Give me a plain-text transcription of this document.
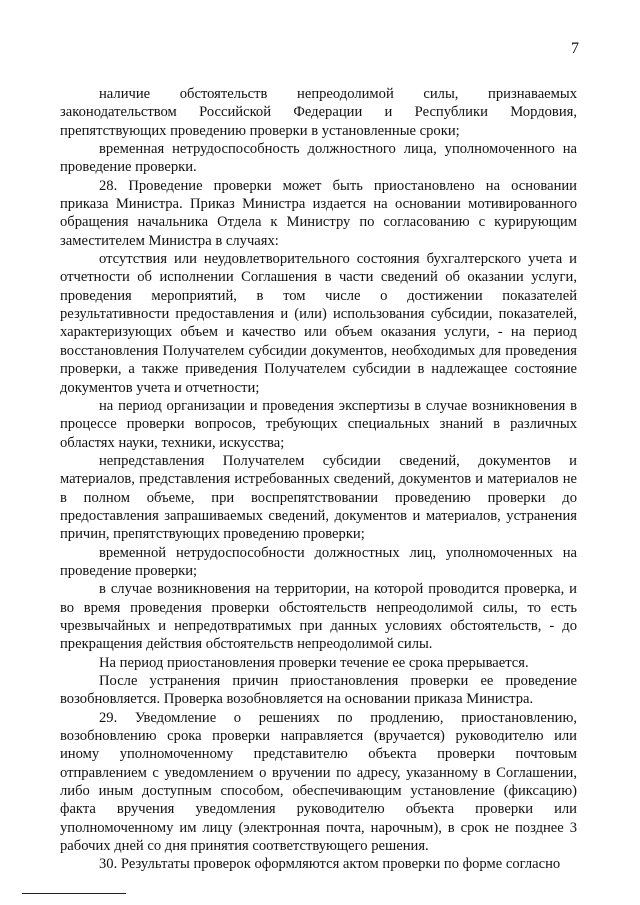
7

наличие обстоятельств непреодолимой силы, признаваемых законодательством Российской Федерации и Республики Мордовия, препятствующих проведению проверки в установленные сроки;

временная нетрудоспособность должностного лица, уполномоченного на проведение проверки.

28. Проведение проверки может быть приостановлено на основании приказа Министра. Приказ Министра издается на основании мотивированного обращения начальника Отдела к Министру по согласованию с курирующим заместителем Министра в случаях:

отсутствия или неудовлетворительного состояния бухгалтерского учета и отчетности об исполнении Соглашения в части сведений об оказании услуги, проведения мероприятий, в том числе о достижении показателей результативности предоставления и (или) использования субсидии, показателей, характеризующих объем и качество или объем оказания услуги, - на период восстановления Получателем субсидии документов, необходимых для проведения проверки, а также приведения Получателем субсидии в надлежащее состояние документов учета и отчетности;

на период организации и проведения экспертизы в случае возникновения в процессе проверки вопросов, требующих специальных знаний в различных областях науки, техники, искусства;

непредставления Получателем субсидии сведений, документов и материалов, представления истребованных сведений, документов и материалов не в полном объеме, при воспрепятствовании проведению проверки до предоставления запрашиваемых сведений, документов и материалов, устранения причин, препятствующих проведению проверки;

временной нетрудоспособности должностных лиц, уполномоченных на проведение проверки;

в случае возникновения на территории, на которой проводится проверка, и во время проведения проверки обстоятельств непреодолимой силы, то есть чрезвычайных и непредотвратимых при данных условиях обстоятельств, - до прекращения действия обстоятельств непреодолимой силы.

На период приостановления проверки течение ее срока прерывается.

После устранения причин приостановления проверки ее проведение возобновляется. Проверка возобновляется на основании приказа Министра.

29. Уведомление о решениях по продлению, приостановлению, возобновлению срока проверки направляется (вручается) руководителю или иному уполномоченному представителю объекта проверки почтовым отправлением с уведомлением о вручении по адресу, указанному в Соглашении, либо иным доступным способом, обеспечивающим установление (фиксацию) факта вручения уведомления руководителю объекта проверки или уполномоченному им лицу (электронная почта, нарочным), в срок не позднее 3 рабочих дней со дня принятия соответствующего решения.

30. Результаты проверок оформляются актом проверки по форме согласно
